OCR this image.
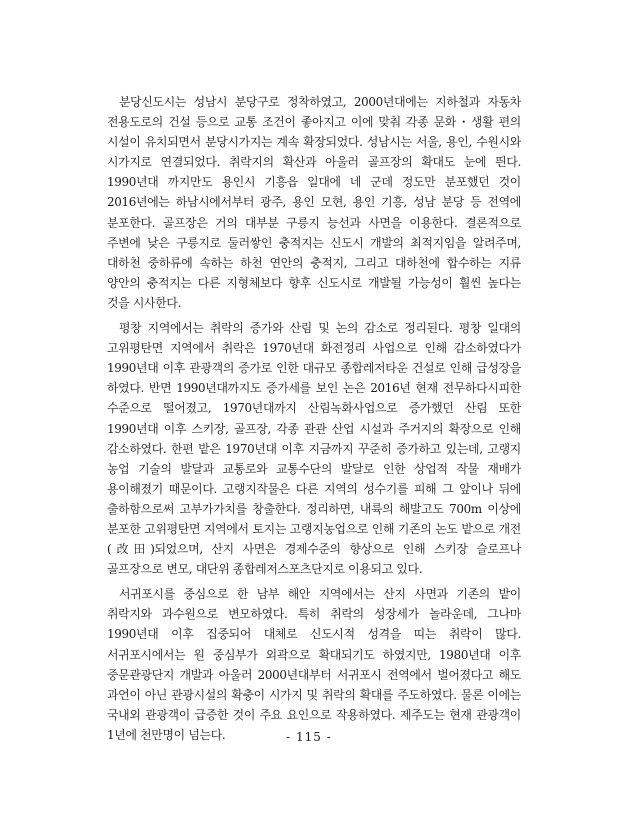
분당신도시는 성남시 분당구로 정착하였고, 2000년대에는 지하철과 자동차 전용도로의 건설 등으로 교통 조건이 좋아지고 이에 맞춰 각종 문화・생활 편의 시설이 유치되면서 분당시가지는 계속 확장되었다. 성남시는 서울, 용인, 수원시와 시가지로 연결되었다. 취락지의 확산과 아울러 골프장의 확대도 눈에 띈다. 1990년대 까지만도 용인시 기흥읍 일대에 네 군데 정도만 분포했던 것이 2016년에는 하남시에서부터 광주, 용인 모현, 용인 기흥, 성남 분당 등 전역에 분포한다. 골프장은 거의 대부분 구릉지 능선과 사면을 이용한다. 결론적으로 주변에 낮은 구릉지로 둘러쌓인 충적지는 신도시 개발의 최적지임을 알려주며, 대하천 중하류에 속하는 하천 연안의 충적지, 그리고 대하천에 합수하는 지류 양안의 충적지는 다른 지형체보다 향후 신도시로 개발될 가능성이 훨씬 높다는 것을 시사한다.

평창 지역에서는 취락의 증가와 산림 및 논의 감소로 정리된다. 평창 일대의 고위평탄면 지역에서 취락은 1970년대 화전정리 사업으로 인해 감소하였다가 1990년대 이후 관광객의 증가로 인한 대규모 종합레저타운 건설로 인해 급성장을 하였다. 반면 1990년대까지도 증가세를 보인 논은 2016년 현재 전무하다시피한 수준으로 떨어졌고, 1970년대까지 산림녹화사업으로 증가했던 산림 또한 1990년대 이후 스키장, 골프장, 각종 관관 산업 시설과 주거지의 확장으로 인해 감소하였다. 한편 밭은 1970년대 이후 지금까지 꾸준히 증가하고 있는데, 고랭지 농업 기술의 발달과 교통로와 교통수단의 발달로 인한 상업적 작물 재배가 용이해졌기 때문이다. 고랭지작물은 다른 지역의 성수기를 피해 그 앞이나 뒤에 출하함으로써 고부가가치를 창출한다. 정리하면, 내륙의 해발고도 700m 이상에 분포한 고위평탄면 지역에서 토지는 고랭지농업으로 인해 기존의 논도 밭으로 개전(改田)되었으며, 산지 사면은 경제수준의 향상으로 인해 스키장 슬로프나 골프장으로 변모, 대단위 종합레저스포츠단지로 이용되고 있다.

서귀포시를 중심으로 한 남부 해안 지역에서는 산지 사면과 기존의 밭이 취락지와 과수원으로 변모하였다. 특히 취락의 성장세가 놀라운데, 그나마 1990년대 이후 집중되어 대체로 신도시적 성격을 띠는 취락이 많다. 서귀포시에서는 원 중심부가 외곽으로 확대되기도 하였지만, 1980년대 이후 중문관광단지 개발과 아울러 2000년대부터 서귀포시 전역에서 벌어졌다고 해도 과언이 아닌 관광시설의 확충이 시가지 및 취락의 확대를 주도하였다. 물론 이에는 국내외 관광객이 급증한 것이 주요 요인으로 작용하였다. 제주도는 현재 관광객이 1년에 천만명이 넘는다.	- 115 -
